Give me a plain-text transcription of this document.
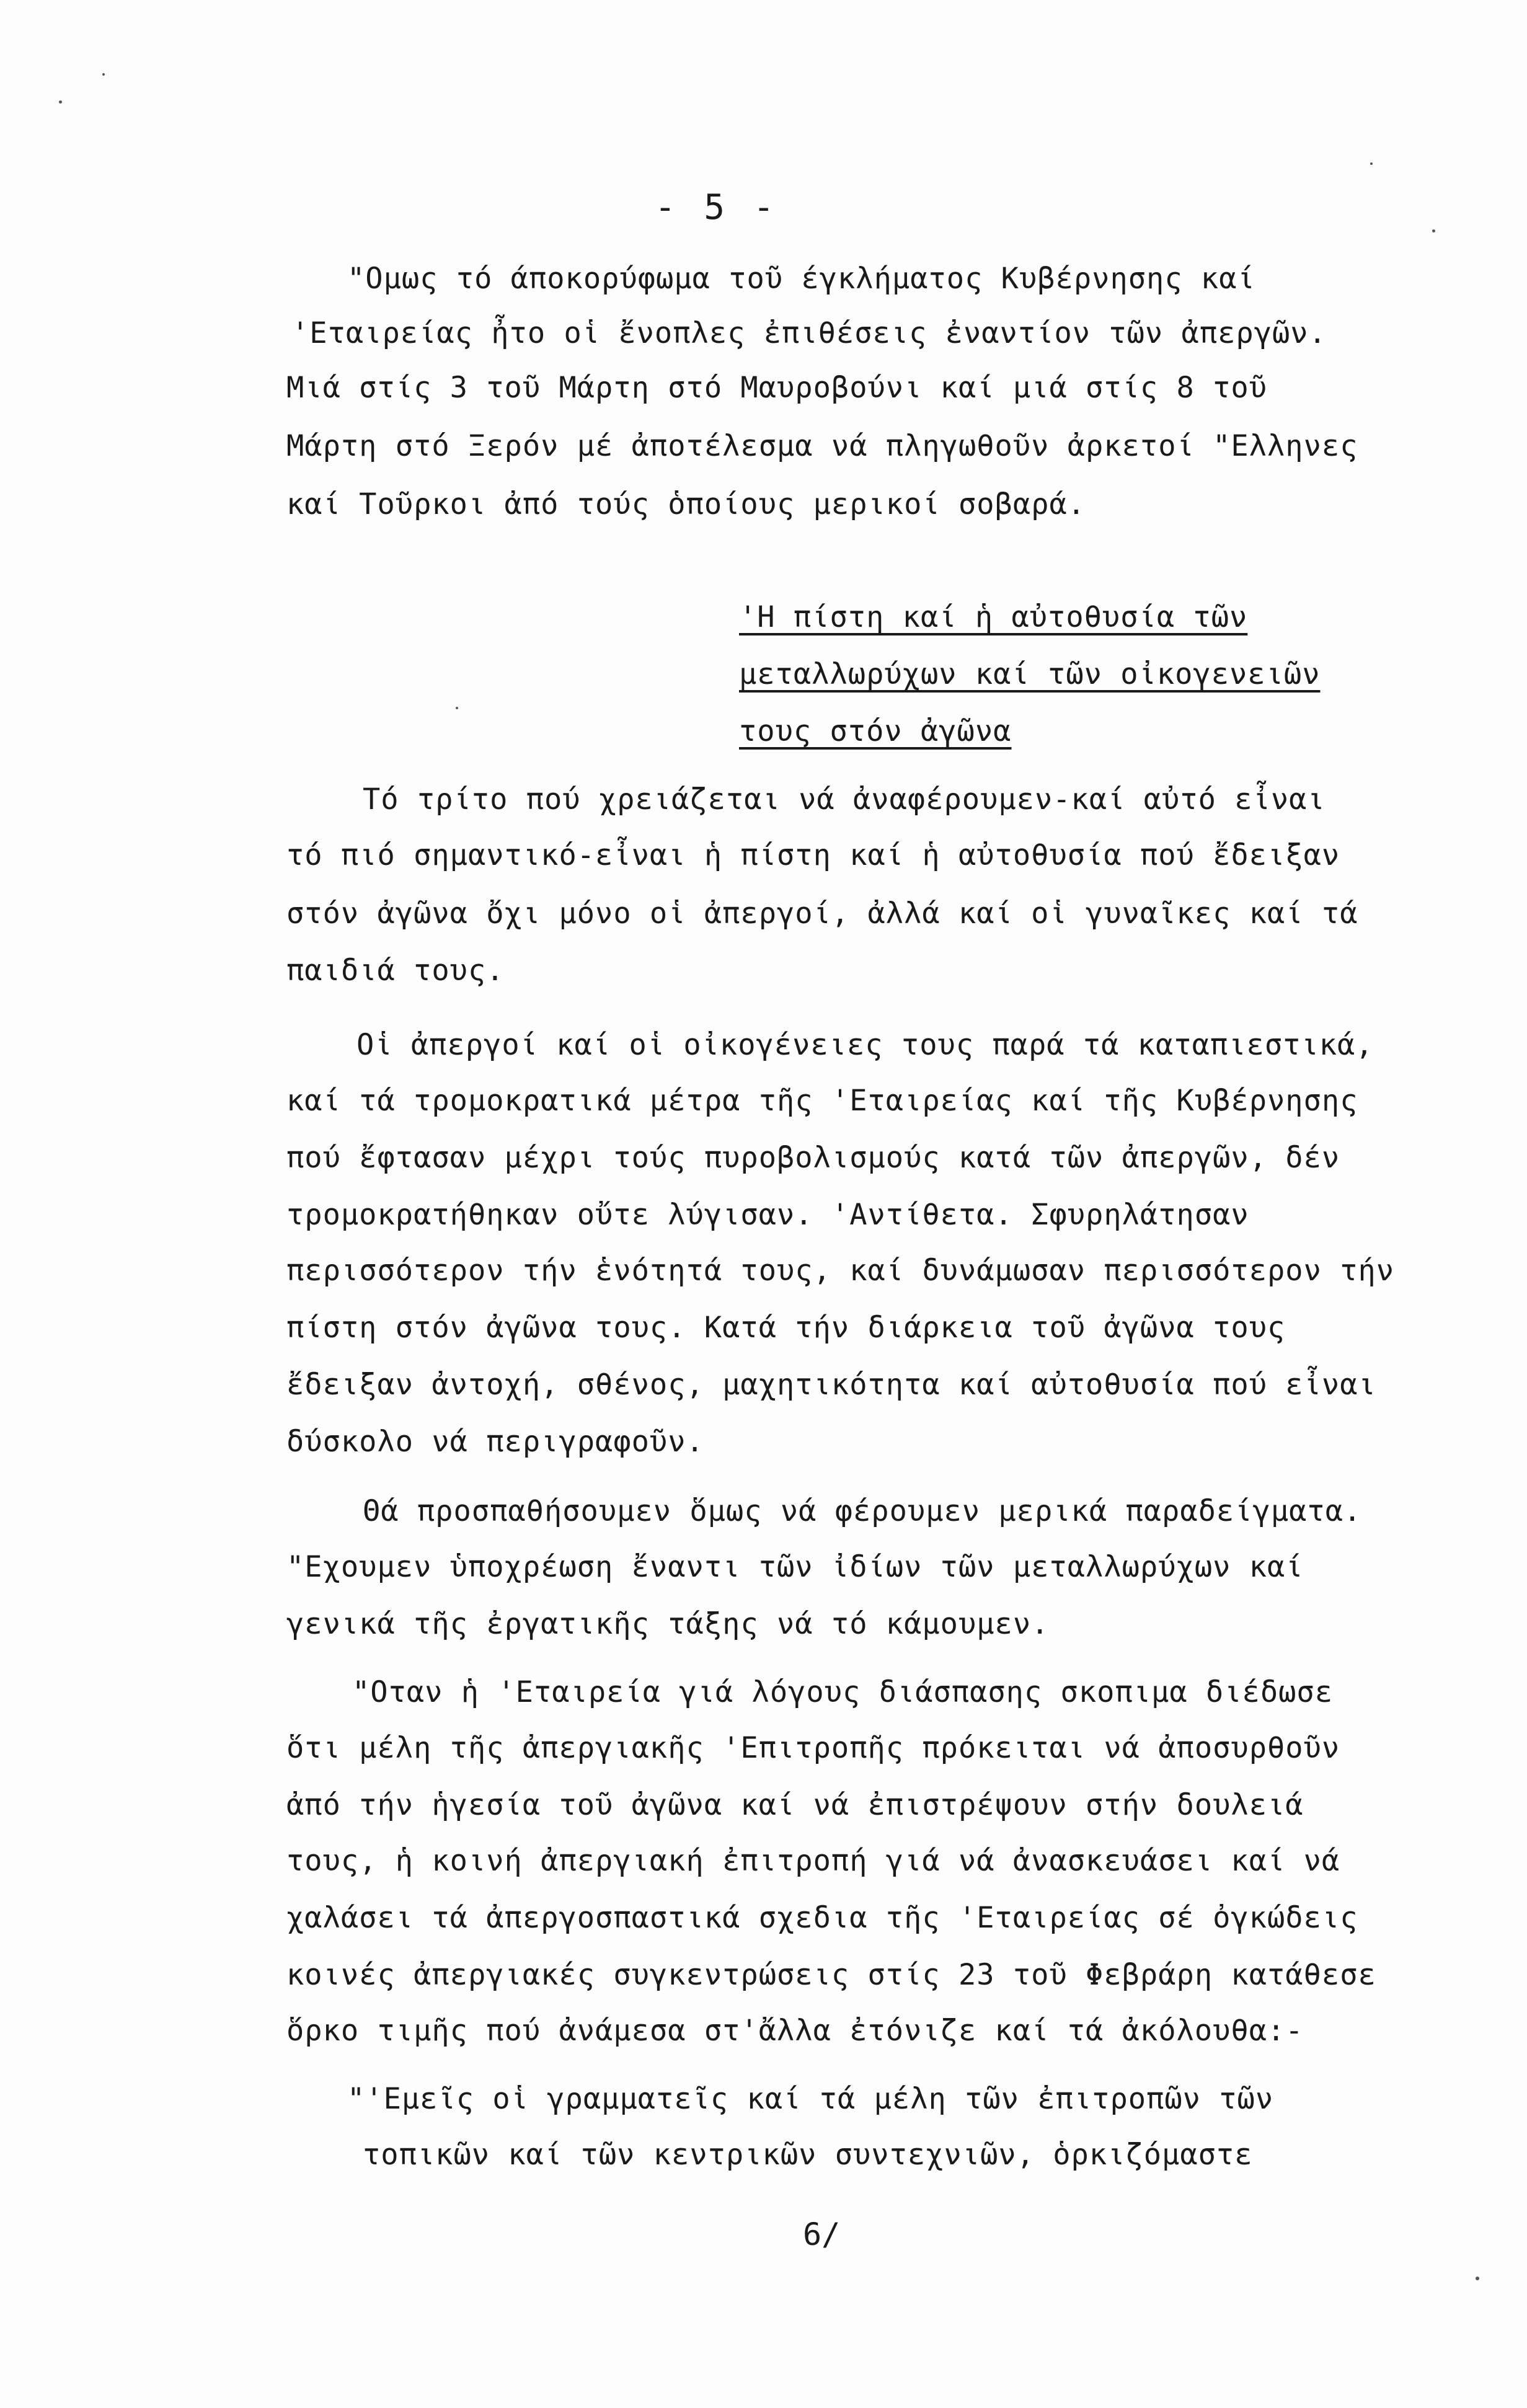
- 5 -
"Ομως τό άποκορύφωμα τοῦ έγκλήματος Κυβέρνησης καί
'Εταιρείας ἦτο οἱ ἔνοπλες ἐπιθέσεις ἐναντίον τῶν ἀπεργῶν.
Μιά στίς 3 τοῦ Μάρτη στό Μαυροβούνι καί μιά στίς 8 τοῦ
Μάρτη στό Ξερόν μέ ἀποτέλεσμα νά πληγωθοῦν ἀρκετοί "Ελληνες
καί Τοῦρκοι ἀπό τούς ὁποίους μερικοί σοβαρά.
'Η πίστη καί ἡ αὐτοθυσία τῶν
μεταλλωρύχων καί τῶν οἰκογενειῶν
τους στόν ἀγῶνα
Τό τρίτο πού χρειάζεται νά ἀναφέρουμεν-καί αὐτό εἶναι
τό πιό σημαντικό-εἶναι ἡ πίστη καί ἡ αὐτοθυσία πού ἔδειξαν
στόν ἀγῶνα ὄχι μόνο οἱ ἀπεργοί, ἀλλά καί οἱ γυναῖκες καί τά
παιδιά τους.
Οἱ ἀπεργοί καί οἱ οἰκογένειες τους παρά τά καταπιεστικά,
καί τά τρομοκρατικά μέτρα τῆς 'Εταιρείας καί τῆς Κυβέρνησης
πού ἔφτασαν μέχρι τούς πυροβολισμούς κατά τῶν ἀπεργῶν, δέν
τρομοκρατήθηκαν οὔτε λύγισαν. 'Αντίθετα. Σφυρηλάτησαν
περισσότερον τήν ἑνότητά τους, καί δυνάμωσαν περισσότερον τήν
πίστη στόν ἀγῶνα τους. Κατά τήν διάρκεια τοῦ ἀγῶνα τους
ἔδειξαν ἀντοχή, σθένος, μαχητικότητα καί αὐτοθυσία πού εἶναι
δύσκολο νά περιγραφοῦν.
Θά προσπαθήσουμεν ὅμως νά φέρουμεν μερικά παραδείγματα.
"Εχουμεν ὑποχρέωση ἔναντι τῶν ἰδίων τῶν μεταλλωρύχων καί
γενικά τῆς ἐργατικῆς τάξης νά τό κάμουμεν.
"Οταν ἡ 'Εταιρεία γιά λόγους διάσπασης σκοπιμα διέδωσε
ὅτι μέλη τῆς ἀπεργιακῆς 'Επιτροπῆς πρόκειται νά ἀποσυρθοῦν
ἀπό τήν ἡγεσία τοῦ ἀγῶνα καί νά ἐπιστρέψουν στήν δουλειά
τους, ἡ κοινή ἀπεργιακή ἐπιτροπή γιά νά ἀνασκευάσει καί νά
χαλάσει τά ἀπεργοσπαστικά σχεδια τῆς 'Εταιρείας σέ ὀγκώδεις
κοινές ἀπεργιακές συγκεντρώσεις στίς 23 τοῦ Φεβράρη κατάθεσε
ὅρκο τιμῆς πού ἀνάμεσα στ'ἄλλα ἐτόνιζε καί τά ἀκόλουθα:-
"'Εμεῖς οἱ γραμματεῖς καί τά μέλη τῶν ἐπιτροπῶν τῶν
τοπικῶν καί τῶν κεντρικῶν συντεχνιῶν, ὁρκιζόμαστε
6/
